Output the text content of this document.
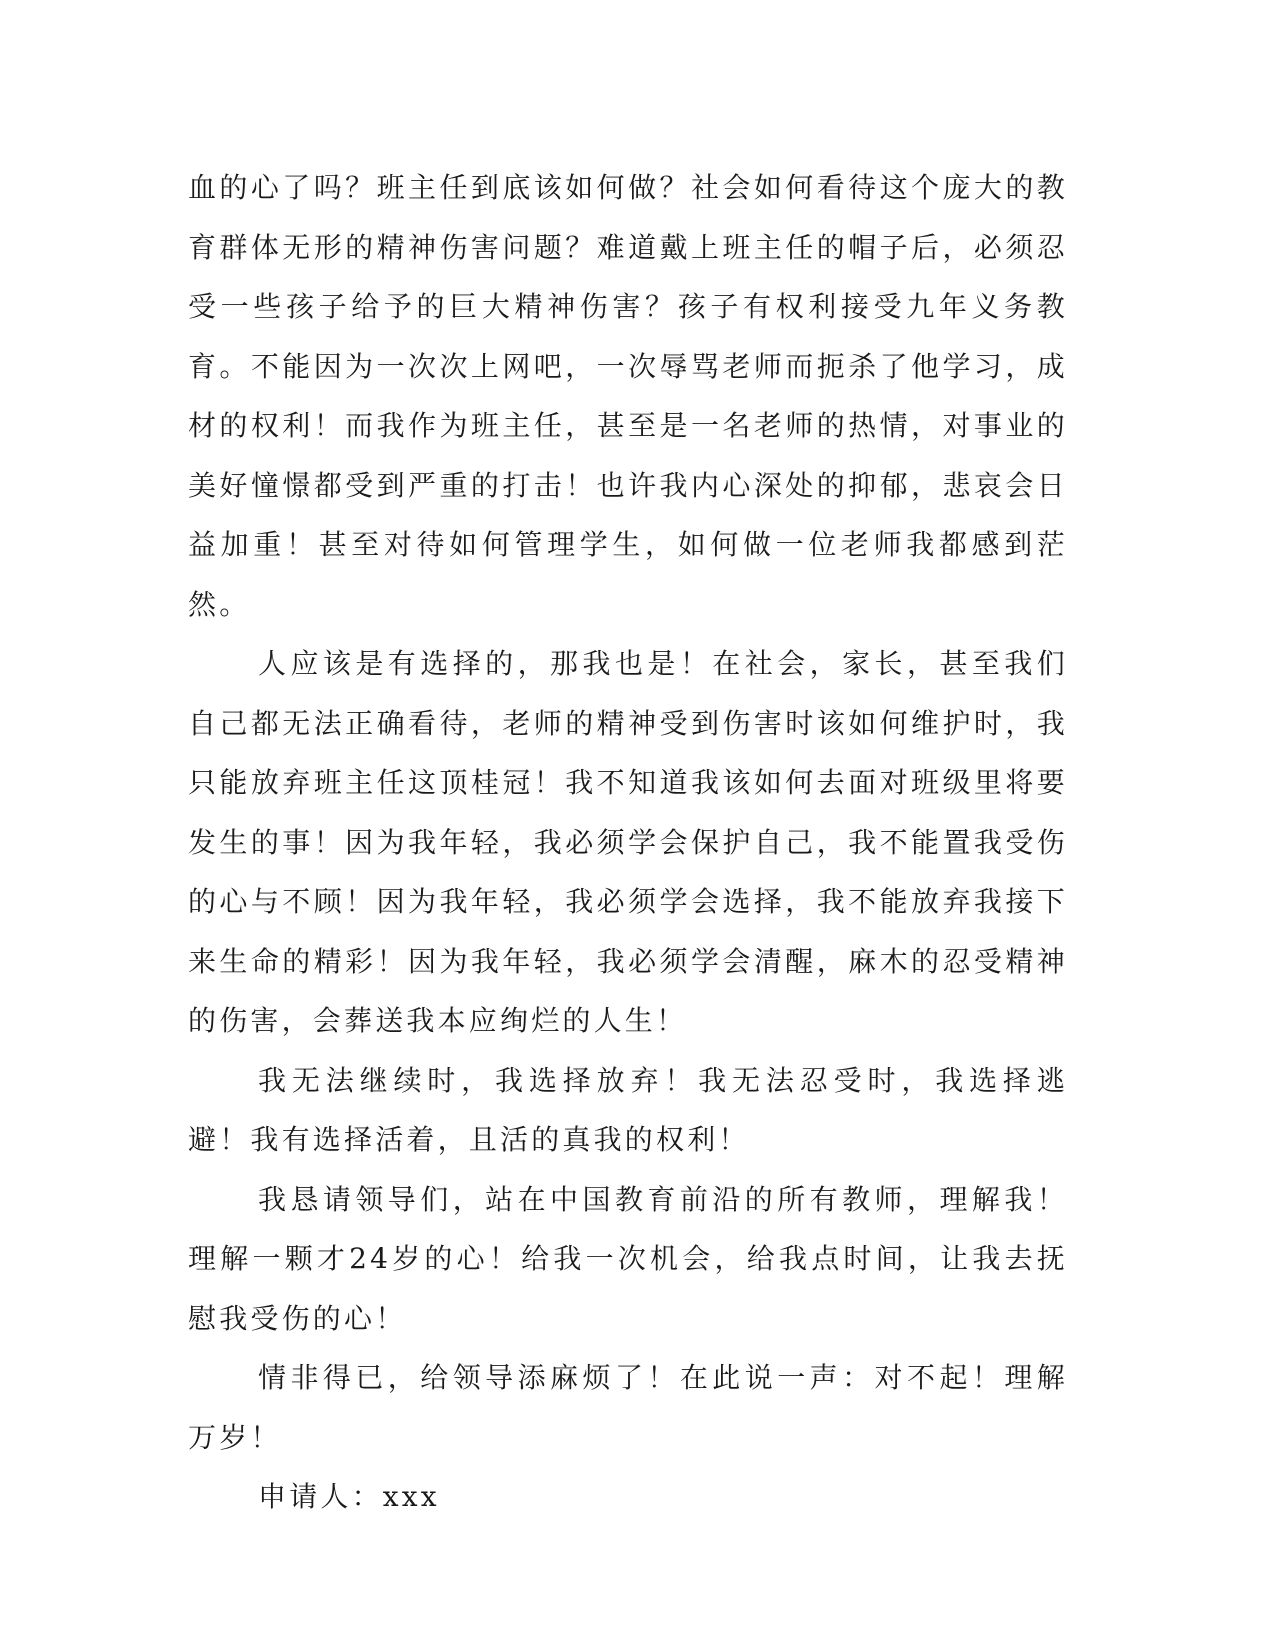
血的心了吗？班主任到底该如何做？社会如何看待这个庞大的教育群体无形的精神伤害问题？难道戴上班主任的帽子后，必须忍受一些孩子给予的巨大精神伤害？孩子有权利接受九年义务教育。不能因为一次次上网吧，一次辱骂老师而扼杀了他学习，成材的权利！而我作为班主任，甚至是一名老师的热情，对事业的美好憧憬都受到严重的打击！也许我内心深处的抑郁，悲哀会日益加重！甚至对待如何管理学生，如何做一位老师我都感到茫然。

人应该是有选择的，那我也是！在社会，家长，甚至我们自己都无法正确看待，老师的精神受到伤害时该如何维护时，我只能放弃班主任这顶桂冠！我不知道我该如何去面对班级里将要发生的事！因为我年轻，我必须学会保护自己，我不能置我受伤的心与不顾！因为我年轻，我必须学会选择，我不能放弃我接下来生命的精彩！因为我年轻，我必须学会清醒，麻木的忍受精神的伤害，会葬送我本应绚烂的人生！

我无法继续时，我选择放弃！我无法忍受时，我选择逃避！我有选择活着，且活的真我的权利！

我恳请领导们，站在中国教育前沿的所有教师，理解我！理解一颗才24岁的心！给我一次机会，给我点时间，让我去抚慰我受伤的心！

情非得已，给领导添麻烦了！在此说一声：对不起！理解万岁！

申请人：xxx
